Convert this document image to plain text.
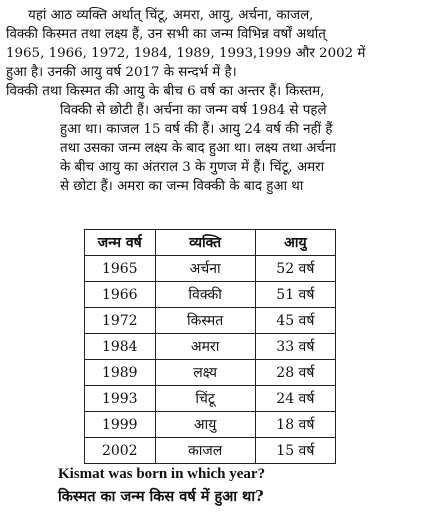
यहां आठ व्यक्ति अर्थात् चिंटू, अमरा, आयु, अर्चना, काजल,
विक्की किस्मत तथा लक्ष्य हैं, उन सभी का जन्म विभिन्न वर्षों अर्थात्
1965, 1966, 1972, 1984, 1989, 1993,1999 और 2002 में
हुआ है। उनकी आयु वर्ष 2017 के सन्दर्भ में है।
विक्की तथा किस्मत की आयु के बीच 6 वर्ष का अन्तर हैं। किस्तम,
विक्की से छोटी हैं। अर्चना का जन्म वर्ष 1984 से पहले
हुआ था। काजल 15 वर्ष की हैं। आयु 24 वर्ष की नहीं हैं
तथा उसका जन्म लक्ष्य के बाद हुआ था। लक्ष्य तथा अर्चना
के बीच आयु का अंतराल 3 के गुणज में हैं। चिंटू, अमरा
से छोटा हैं। अमरा का जन्म विक्की के बाद हुआ था
जन्म वर्ष	व्यक्ति	आयु
1965	अर्चना	52 वर्ष
1966	विक्की	51 वर्ष
1972	किस्मत	45 वर्ष
1984	अमरा	33 वर्ष
1989	लक्ष्य	28 वर्ष
1993	चिंटू	24 वर्ष
1999	आयु	18 वर्ष
2002	काजल	15 वर्ष
Kismat was born in which year?
किस्मत का जन्म किस वर्ष में हुआ था?
